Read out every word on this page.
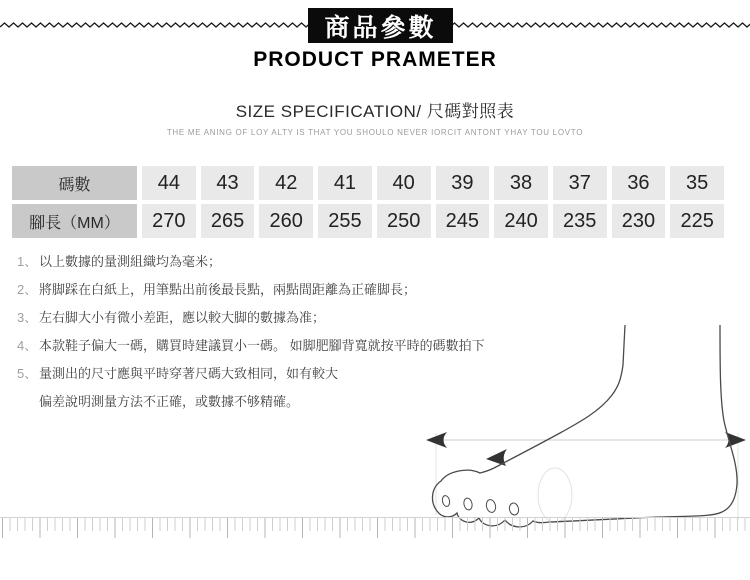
商品參數
PRODUCT PRAMETER
SIZE SPECIFICATION/ 尺碼對照表
THE ME ANING OF LOY ALTY IS THAT YOU SHOULO NEVER IORCIT ANTONT YHAY TOU LOVTO
碼數	44	43	42	41	40	39	38	37	36	35
腳長（MM）	270	265	260	255	250	245	240	235	230	225
1、 以上數據的量測組織均為毫米；
2、 將脚踩在白紙上，用筆點出前後最長點，兩點間距離為正確脚長；
3、 左右脚大小有微小差距，應以較大脚的數據為准；
4、 本款鞋子偏大一碼，購買時建議買小一碼。 如脚肥腳背寬就按平時的碼數拍下
5、 量測出的尺寸應與平時穿著尺碼大致相同，如有較大
偏差說明測量方法不正確，或數據不够精確。
